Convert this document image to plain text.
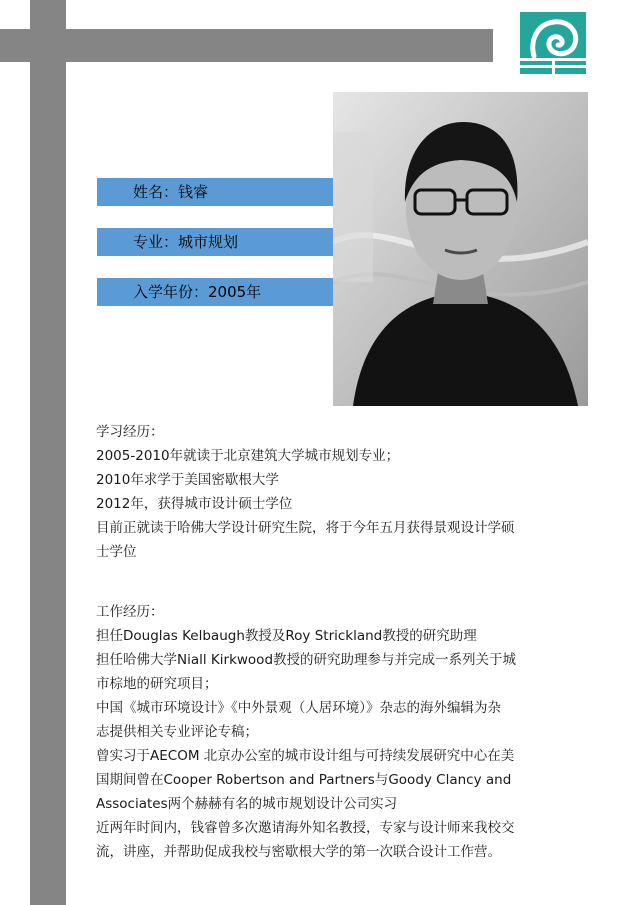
姓名：钱睿
专业：城市规划
入学年份：2005年

学习经历：

2005-2010年就读于北京建筑大学城市规划专业；

2010年求学于美国密歇根大学

2012年，获得城市设计硕士学位

目前正就读于哈佛大学设计研究生院，将于今年五月获得景观设计学硕

士学位

工作经历：

担任Douglas Kelbaugh教授及Roy Strickland教授的研究助理

担任哈佛大学Niall Kirkwood教授的研究助理参与并完成一系列关于城

市棕地的研究项目；

中国《城市环境设计》《中外景观（人居环境）》杂志的海外编辑为杂

志提供相关专业评论专稿；

曾实习于AECOM 北京办公室的城市设计组与可持续发展研究中心在美

国期间曾在Cooper Robertson and Partners与Goody Clancy and

Associates两个赫赫有名的城市规划设计公司实习

近两年时间内，钱睿曾多次邀请海外知名教授，专家与设计师来我校交

流，讲座，并帮助促成我校与密歇根大学的第一次联合设计工作营。
